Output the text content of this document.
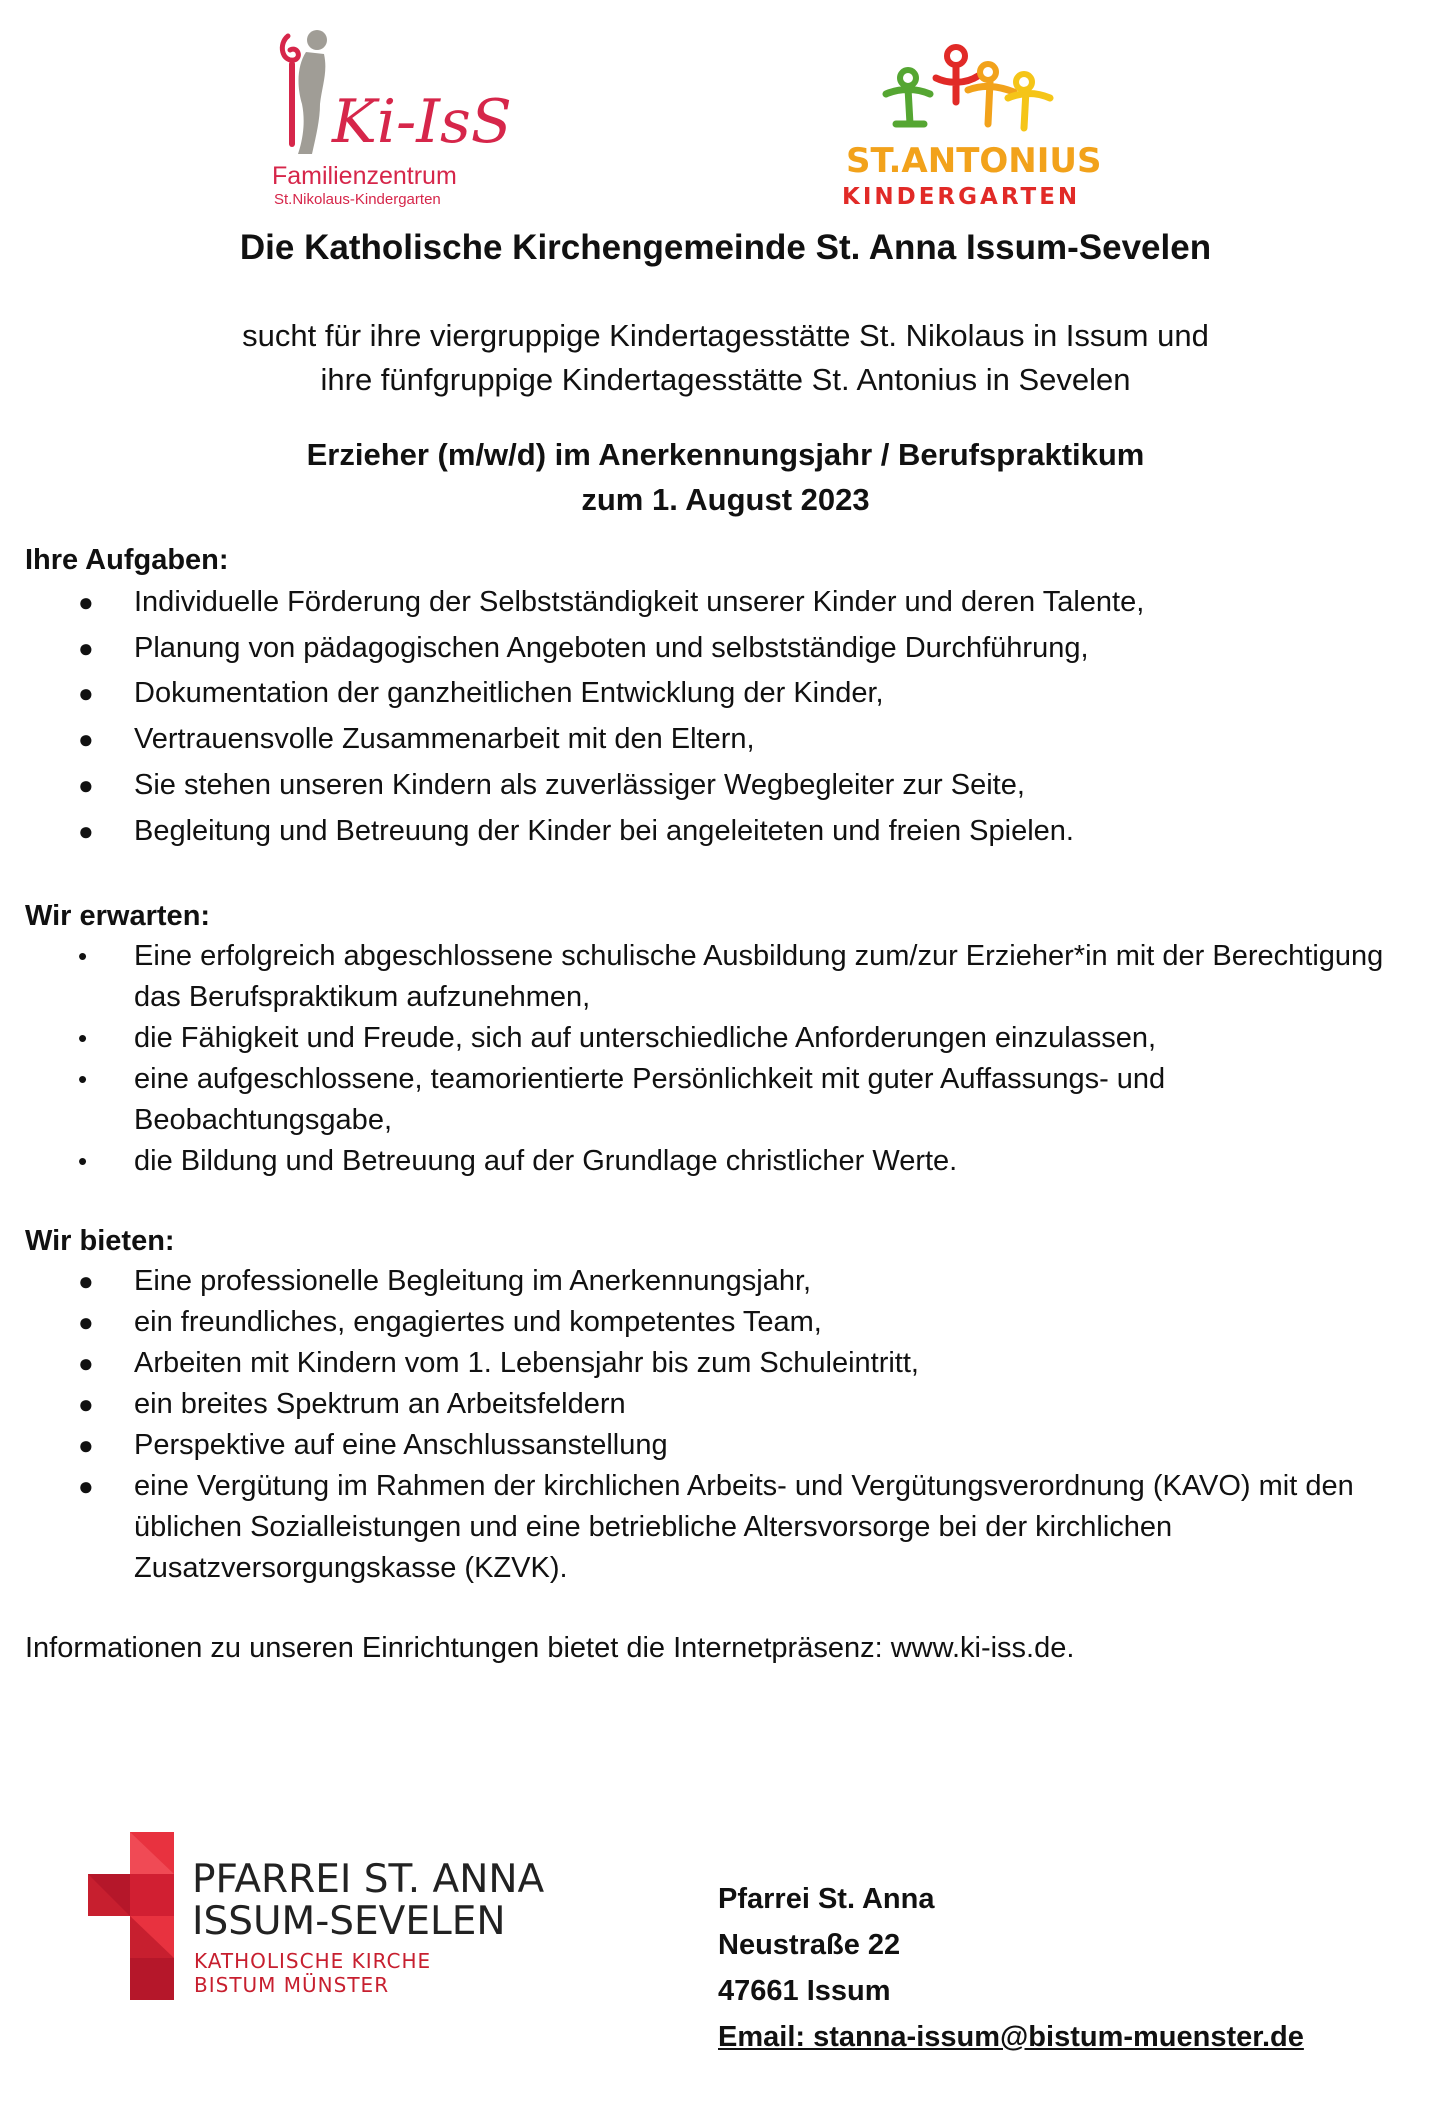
Ki-IsS
Familienzentrum
St.Nikolaus-Kindergarten
ST.ANTONIUS
KINDERGARTEN
Die Katholische Kirchengemeinde St. Anna Issum-Sevelen
sucht für ihre viergruppige Kindertagesstätte St. Nikolaus in Issum und
ihre fünfgruppige Kindertagesstätte St. Antonius in Sevelen
Erzieher (m/w/d) im Anerkennungsjahr / Berufspraktikum
zum 1. August 2023
Ihre Aufgaben:
● Individuelle Förderung der Selbstständigkeit unserer Kinder und deren Talente,
● Planung von pädagogischen Angeboten und selbstständige Durchführung,
● Dokumentation der ganzheitlichen Entwicklung der Kinder,
● Vertrauensvolle Zusammenarbeit mit den Eltern,
● Sie stehen unseren Kindern als zuverlässiger Wegbegleiter zur Seite,
● Begleitung und Betreuung der Kinder bei angeleiteten und freien Spielen.
Wir erwarten:
• Eine erfolgreich abgeschlossene schulische Ausbildung zum/zur Erzieher*in mit der Berechtigung das Berufspraktikum aufzunehmen,
• die Fähigkeit und Freude, sich auf unterschiedliche Anforderungen einzulassen,
• eine aufgeschlossene, teamorientierte Persönlichkeit mit guter Auffassungs- und Beobachtungsgabe,
• die Bildung und Betreuung auf der Grundlage christlicher Werte.
Wir bieten:
● Eine professionelle Begleitung im Anerkennungsjahr,
● ein freundliches, engagiertes und kompetentes Team,
● Arbeiten mit Kindern vom 1. Lebensjahr bis zum Schuleintritt,
● ein breites Spektrum an Arbeitsfeldern
● Perspektive auf eine Anschlussanstellung
● eine Vergütung im Rahmen der kirchlichen Arbeits- und Vergütungsverordnung (KAVO) mit den üblichen Sozialleistungen und eine betriebliche Altersvorsorge bei der kirchlichen Zusatzversorgungskasse (KZVK).
Informationen zu unseren Einrichtungen bietet die Internetpräsenz: www.ki-iss.de.
PFARREI ST. ANNA
ISSUM-SEVELEN
KATHOLISCHE KIRCHE
BISTUM MÜNSTER
Pfarrei St. Anna
Neustraße 22
47661 Issum
Email: stanna-issum@bistum-muenster.de
